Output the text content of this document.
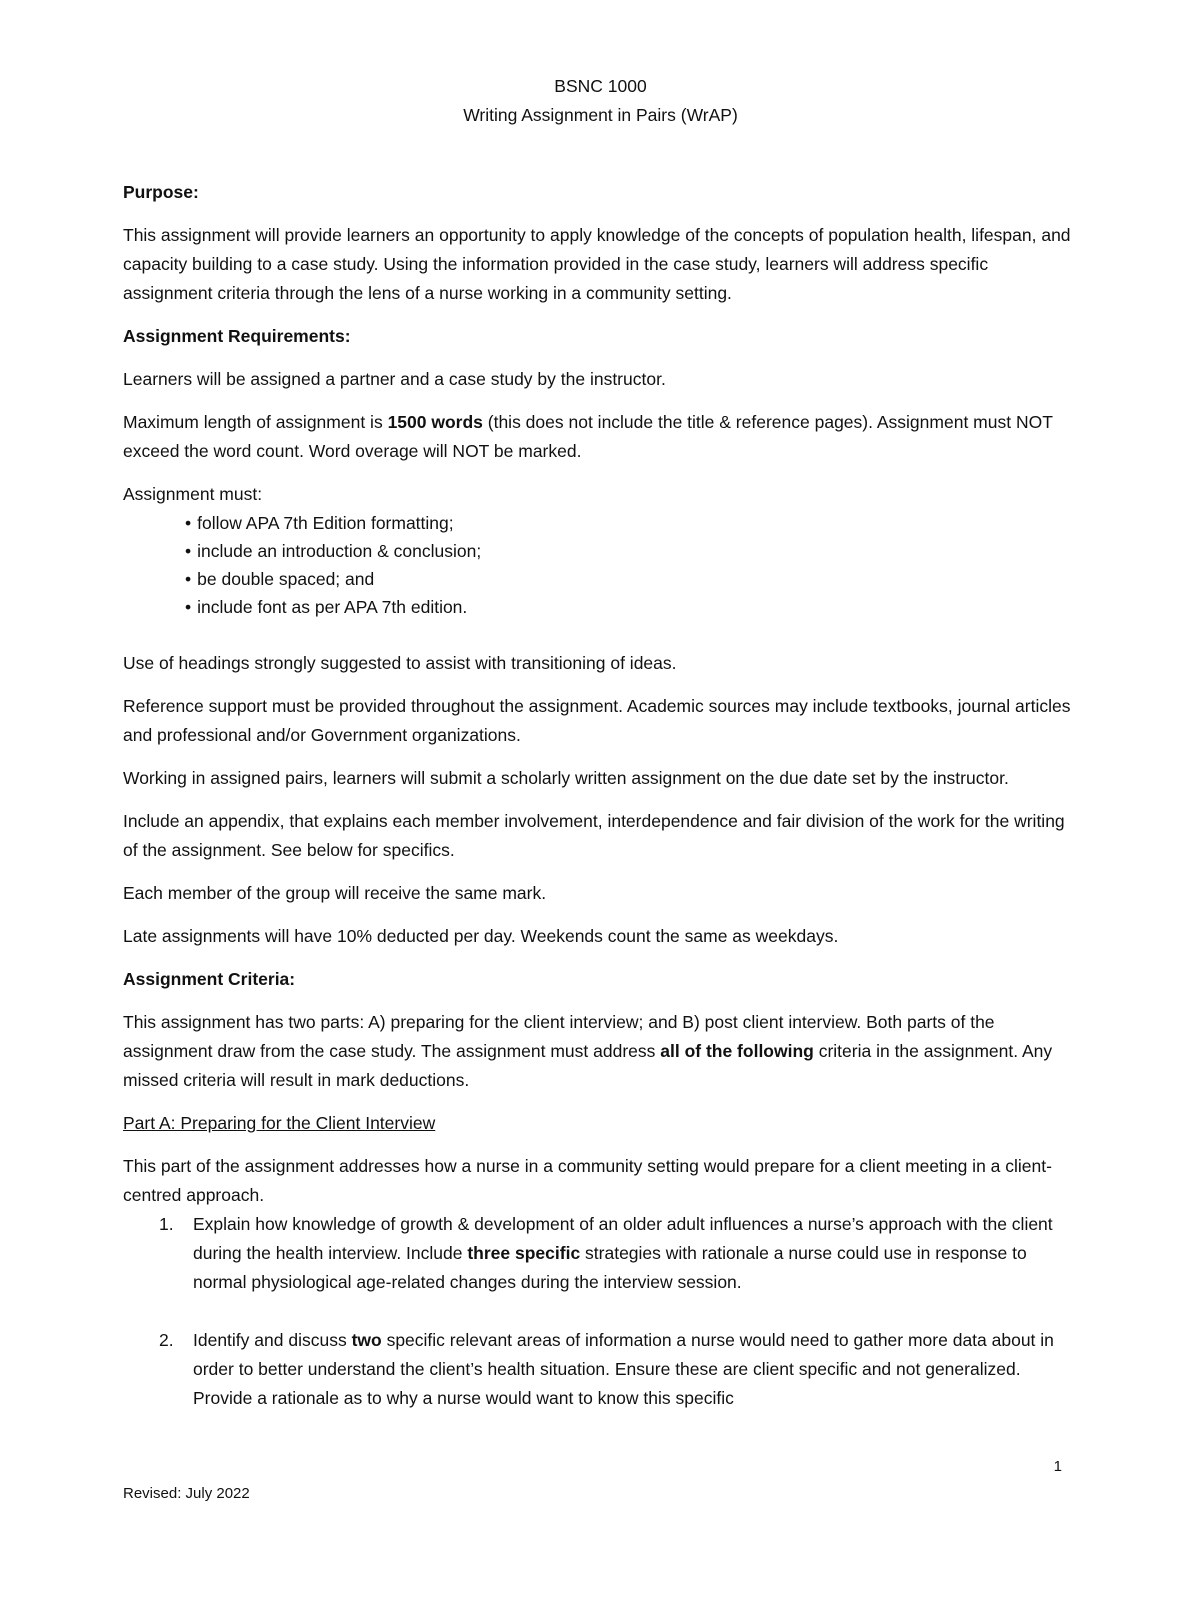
BSNC 1000
Writing Assignment in Pairs (WrAP)

Purpose:

This assignment will provide learners an opportunity to apply knowledge of the concepts of population health, lifespan, and capacity building to a case study. Using the information provided in the case study, learners will address specific assignment criteria through the lens of a nurse working in a community setting.

Assignment Requirements:

Learners will be assigned a partner and a case study by the instructor.

Maximum length of assignment is 1500 words (this does not include the title & reference pages). Assignment must NOT exceed the word count. Word overage will NOT be marked.

Assignment must:

• follow APA 7th Edition formatting;
• include an introduction & conclusion;
• be double spaced; and
• include font as per APA 7th edition.

Use of headings strongly suggested to assist with transitioning of ideas.

Reference support must be provided throughout the assignment. Academic sources may include textbooks, journal articles and professional and/or Government organizations.

Working in assigned pairs, learners will submit a scholarly written assignment on the due date set by the instructor.

Include an appendix, that explains each member involvement, interdependence and fair division of the work for the writing of the assignment. See below for specifics.

Each member of the group will receive the same mark.

Late assignments will have 10% deducted per day. Weekends count the same as weekdays.

Assignment Criteria:

This assignment has two parts: A) preparing for the client interview; and B) post client interview. Both parts of the assignment draw from the case study. The assignment must address all of the following criteria in the assignment. Any missed criteria will result in mark deductions.

Part A: Preparing for the Client Interview

This part of the assignment addresses how a nurse in a community setting would prepare for a client meeting in a client-centred approach.

1. Explain how knowledge of growth & development of an older adult influences a nurse’s approach with the client during the health interview. Include three specific strategies with rationale a nurse could use in response to normal physiological age-related changes during the interview session.
2. Identify and discuss two specific relevant areas of information a nurse would need to gather more data about in order to better understand the client’s health situation. Ensure these are client specific and not generalized. Provide a rationale as to why a nurse would want to know this specific
1
Revised: July 2022
